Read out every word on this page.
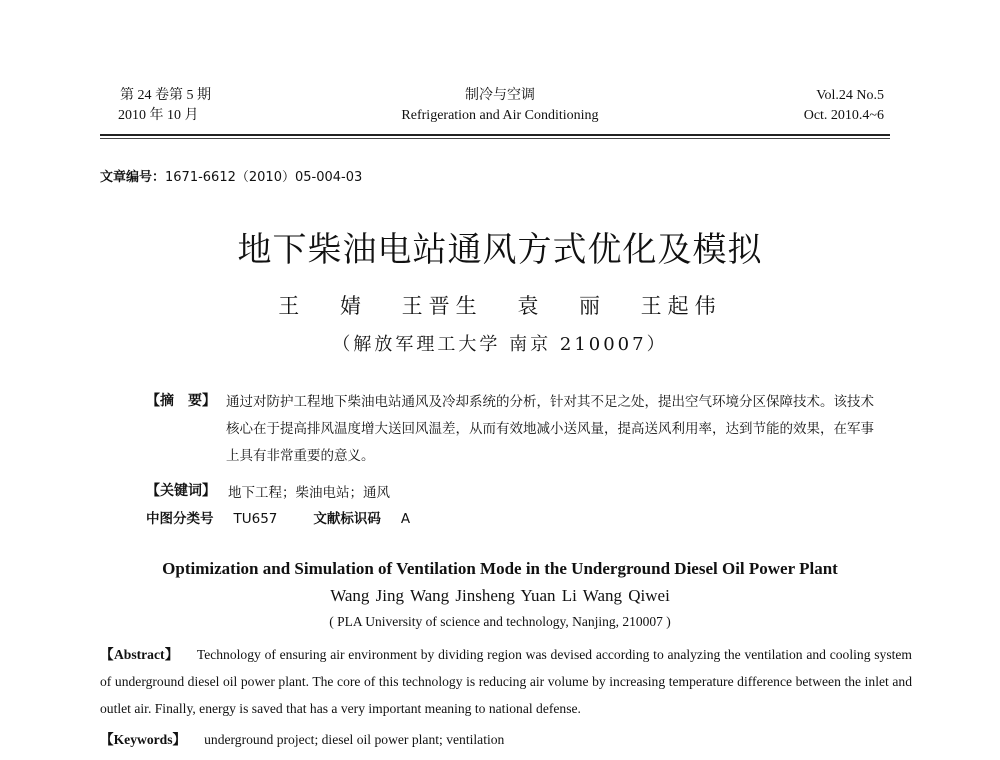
第 24 卷第 5 期
2010 年 10 月
制冷与空调
Refrigeration and Air Conditioning
Vol.24 No.5
Oct. 2010.4~6
文章编号：1671-6612（2010）05-004-03
地下柴油电站通风方式优化及模拟
王 婧 王晋生 袁 丽 王起伟
（解放军理工大学 南京 210007）
【摘　要】 通过对防护工程地下柴油电站通风及冷却系统的分析，针对其不足之处，提出空气环境分区保障技术。该技术核心在于提高排风温度增大送回风温差，从而有效地减小送风量，提高送风利用率，达到节能的效果，在军事上具有非常重要的意义。
【关键词】 地下工程；柴油电站；通风
中图分类号 TU657	文献标识码 A
Optimization and Simulation of Ventilation Mode in the Underground Diesel Oil Power Plant
Wang Jing Wang Jinsheng Yuan Li Wang Qiwei
( PLA University of science and technology, Nanjing, 210007 )
【Abstract】 Technology of ensuring air environment by dividing region was devised according to analyzing the ventilation and cooling system of underground diesel oil power plant. The core of this technology is reducing air volume by increasing temperature difference between the inlet and outlet air. Finally, energy is saved that has a very important meaning to national defense.
【Keywords】 underground project; diesel oil power plant; ventilation
